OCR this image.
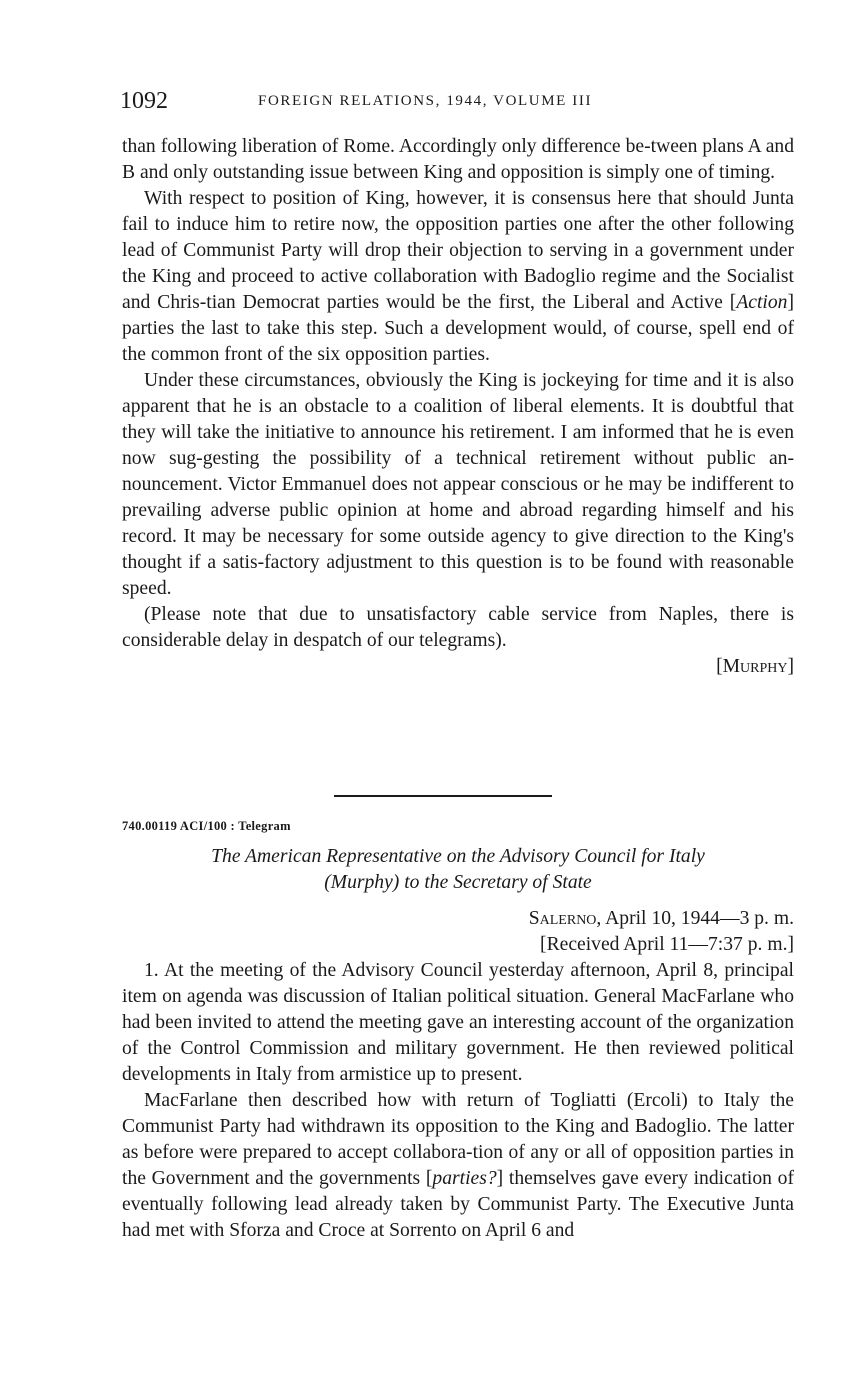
1092	FOREIGN RELATIONS, 1944, VOLUME III

than following liberation of Rome. Accordingly only difference be-tween plans A and B and only outstanding issue between King and opposition is simply one of timing.

With respect to position of King, however, it is consensus here that should Junta fail to induce him to retire now, the opposition parties one after the other following lead of Communist Party will drop their objection to serving in a government under the King and proceed to active collaboration with Badoglio regime and the Socialist and Chris-tian Democrat parties would be the first, the Liberal and Active [Action] parties the last to take this step. Such a development would, of course, spell end of the common front of the six opposition parties.

Under these circumstances, obviously the King is jockeying for time and it is also apparent that he is an obstacle to a coalition of liberal elements. It is doubtful that they will take the initiative to announce his retirement. I am informed that he is even now sug-gesting the possibility of a technical retirement without public an-nouncement. Victor Emmanuel does not appear conscious or he may be indifferent to prevailing adverse public opinion at home and abroad regarding himself and his record. It may be necessary for some outside agency to give direction to the King's thought if a satis-factory adjustment to this question is to be found with reasonable speed.

(Please note that due to unsatisfactory cable service from Naples, there is considerable delay in despatch of our telegrams).

[Murphy]
740.00119 ACI/100 : Telegram

The American Representative on the Advisory Council for Italy
(Murphy) to the Secretary of State

Salerno, April 10, 1944—3 p. m.
[Received April 11—7:37 p. m.]

1. At the meeting of the Advisory Council yesterday afternoon, April 8, principal item on agenda was discussion of Italian political situation. General MacFarlane who had been invited to attend the meeting gave an interesting account of the organization of the Control Commission and military government. He then reviewed political developments in Italy from armistice up to present.

MacFarlane then described how with return of Togliatti (Ercoli) to Italy the Communist Party had withdrawn its opposition to the King and Badoglio. The latter as before were prepared to accept collabora-tion of any or all of opposition parties in the Government and the governments [parties?] themselves gave every indication of eventually following lead already taken by Communist Party. The Executive Junta had met with Sforza and Croce at Sorrento on April 6 and
